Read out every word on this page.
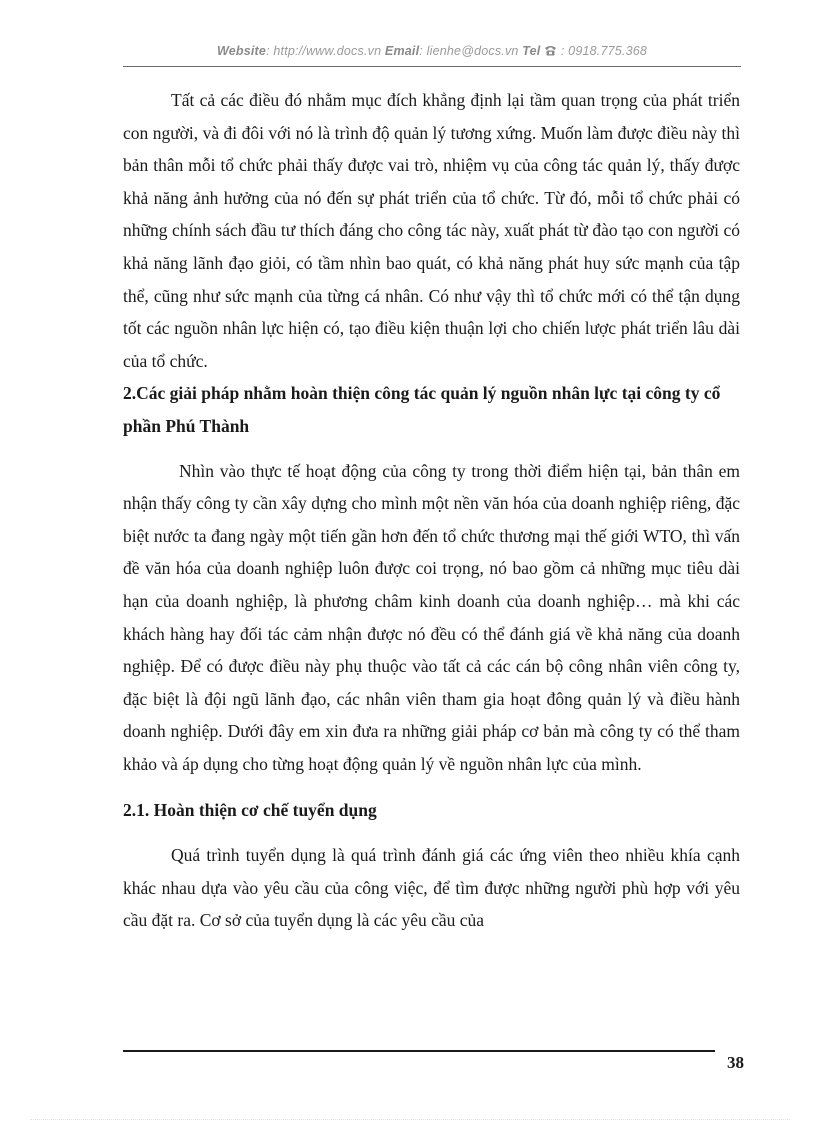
Website: http://www.docs.vn Email: lienhe@docs.vn Tel : 0918.775.368

Tất cả các điều đó nhằm mục đích khẳng định lại tầm quan trọng của phát triển con người, và đi đôi với nó là trình độ quản lý tương xứng. Muốn làm được điều này thì bản thân mỗi tổ chức phải thấy được vai trò, nhiệm vụ của công tác quản lý, thấy được khả năng ảnh hưởng của nó đến sự phát triển của tổ chức. Từ đó, mỗi tổ chức phải có những chính sách đầu tư thích đáng cho công tác này, xuất phát từ đào tạo con người có khả năng lãnh đạo giỏi, có tầm nhìn bao quát, có khả năng phát huy sức mạnh của tập thể, cũng như sức mạnh của từng cá nhân. Có như vậy thì tổ chức mới có thể tận dụng tốt các nguồn nhân lực hiện có, tạo điều kiện thuận lợi cho chiến lược phát triển lâu dài của tổ chức.

2.Các giải pháp nhằm hoàn thiện công tác quản lý nguồn nhân lực tại công ty cổ phần Phú Thành

Nhìn vào thực tế hoạt động của công ty trong thời điểm hiện tại, bản thân em nhận thấy công ty cần xây dựng cho mình một nền văn hóa của doanh nghiệp riêng, đặc biệt nước ta đang ngày một tiến gần hơn đến tổ chức thương mại thế giới WTO, thì vấn đề văn hóa của doanh nghiệp luôn được coi trọng, nó bao gồm cả những mục tiêu dài hạn của doanh nghiệp, là phương châm kinh doanh của doanh nghiệp… mà khi các khách hàng hay đối tác cảm nhận được nó đều có thể đánh giá về khả năng của doanh nghiệp. Để có được điều này phụ thuộc vào tất cả các cán bộ công nhân viên công ty, đặc biệt là đội ngũ lãnh đạo, các nhân viên tham gia hoạt đông quản lý và điều hành doanh nghiệp. Dưới đây em xin đưa ra những giải pháp cơ bản mà công ty có thể tham khảo và áp dụng cho từng hoạt động quản lý về nguồn nhân lực của mình.

2.1. Hoàn thiện cơ chế tuyển dụng

Quá trình tuyển dụng là quá trình đánh giá các ứng viên theo nhiều khía cạnh khác nhau dựa vào yêu cầu của công việc, để tìm được những người phù hợp với yêu cầu đặt ra. Cơ sở của tuyển dụng là các yêu cầu của

38
